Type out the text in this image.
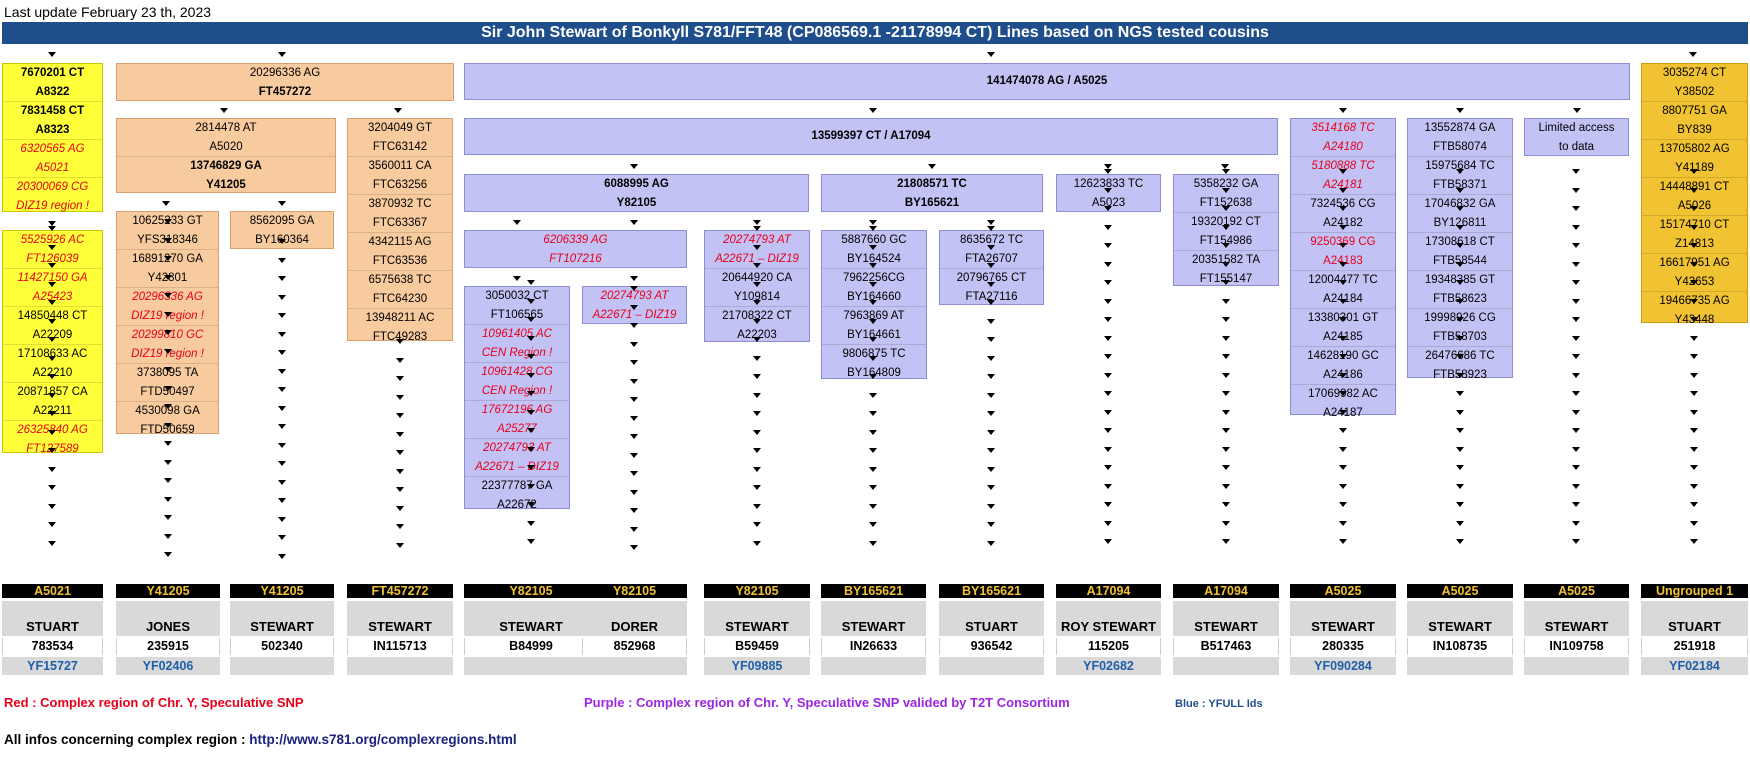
Last update February 23 th, 2023
Sir John Stewart of Bonkyll S781/FFT48 (CP086569.1 -21178994 CT) Lines based on NGS tested cousins
7670201 CT
A8322
7831458 CT
A8323
6320565 AG
A5021
20300069 CG
DIZ19 region !
5525926 AC
FT126039
11427150 GA
A25423
14850448 CT
A22209
17108633 AC
A22210
20871857 CA
A22211
26325840 AG
FT127589
20296336 AG
FT457272
2814478 AT
A5020
13746829 GA
Y41205
10625233 GT
YFS318346
16891270 GA
Y42801
20296336 AG
DIZ19 region !
20299810 GC
DIZ19 region !
3738095 TA
FTD50497
4530098 GA
FTD50659
8562095 GA
BY160364
3204049 GT
FTC63142
3560011 CA
FTC63256
3870932 TC
FTC63367
4342115 AG
FTC63536
6575638 TC
FTC64230
13948211 AC
FTC49283
141474078 AG / A5025
13599397 CT / A17094
6088995 AG
Y82105
21808571 TC
BY165621
12623833 TC
A5023
5358232 GA
FT152638
19320192 CT
FT154986
20351582 TA
FT155147
3514168 TC
A24180
5180888 TC
A24181
7324536 CG
A24182
9250369 CG
A24183
12004477 TC
A24184
13380301 GT
A24185
14628190 GC
A24186
17069982 AC
A24187
13552874 GA
FTB58074
15975684 TC
FTB58371
17046832 GA
BY126811
17308618 CT
FTB58544
19348385 GT
FTB58623
19998926 CG
FTB58703
26476686 TC
FTB58923
Limited access
to data
6206339 AG
FT107216
3050032 CT
FT106565
10961405 AC
CEN Region !
10961428 CG
CEN Region !
17672196 AG
A25277
20274793 AT
A22671 – DIZ19
22377787 GA
A22672
20274793 AT
A22671 – DIZ19
20274793 AT
A22671 – DIZ19
20644920 CA
Y109814
21708322 CT
A22203
5887660 GC
BY164524
7962256CG
BY164660
7963869 AT
BY164661
9806875 TC
BY164809
8635672 TC
FTA26707
20796765 CT
FTA27116
3035274 CT
Y38502
8807751 GA
BY839
13705802 AG
Y41189
14448891 CT
A5026
15174710 CT
Z14813
16617951 AG
Y42653
19466735 AG
Y43448
A5021
STUART
783534
YF15727
Y41205
JONES
235915
YF02406
Y41205
STEWART
502340
FT457272
STEWART
IN115713
Y82105
STEWART
B84999
Y82105
DORER
852968
Y82105
STEWART
B59459
YF09885
BY165621
STEWART
IN26633
BY165621
STUART
936542
A17094
ROY STEWART
115205
YF02682
A17094
STEWART
B517463
A5025
STEWART
280335
YF090284
A5025
STEWART
IN108735
A5025
STEWART
IN109758
Ungrouped 1
STUART
251918
YF02184
Red : Complex region of Chr. Y, Speculative SNP	Purple : Complex region of Chr. Y, Speculative SNP valided by T2T Consortium	Blue : YFULL Ids
All infos concerning complex region : http://www.s781.org/complexregions.html
